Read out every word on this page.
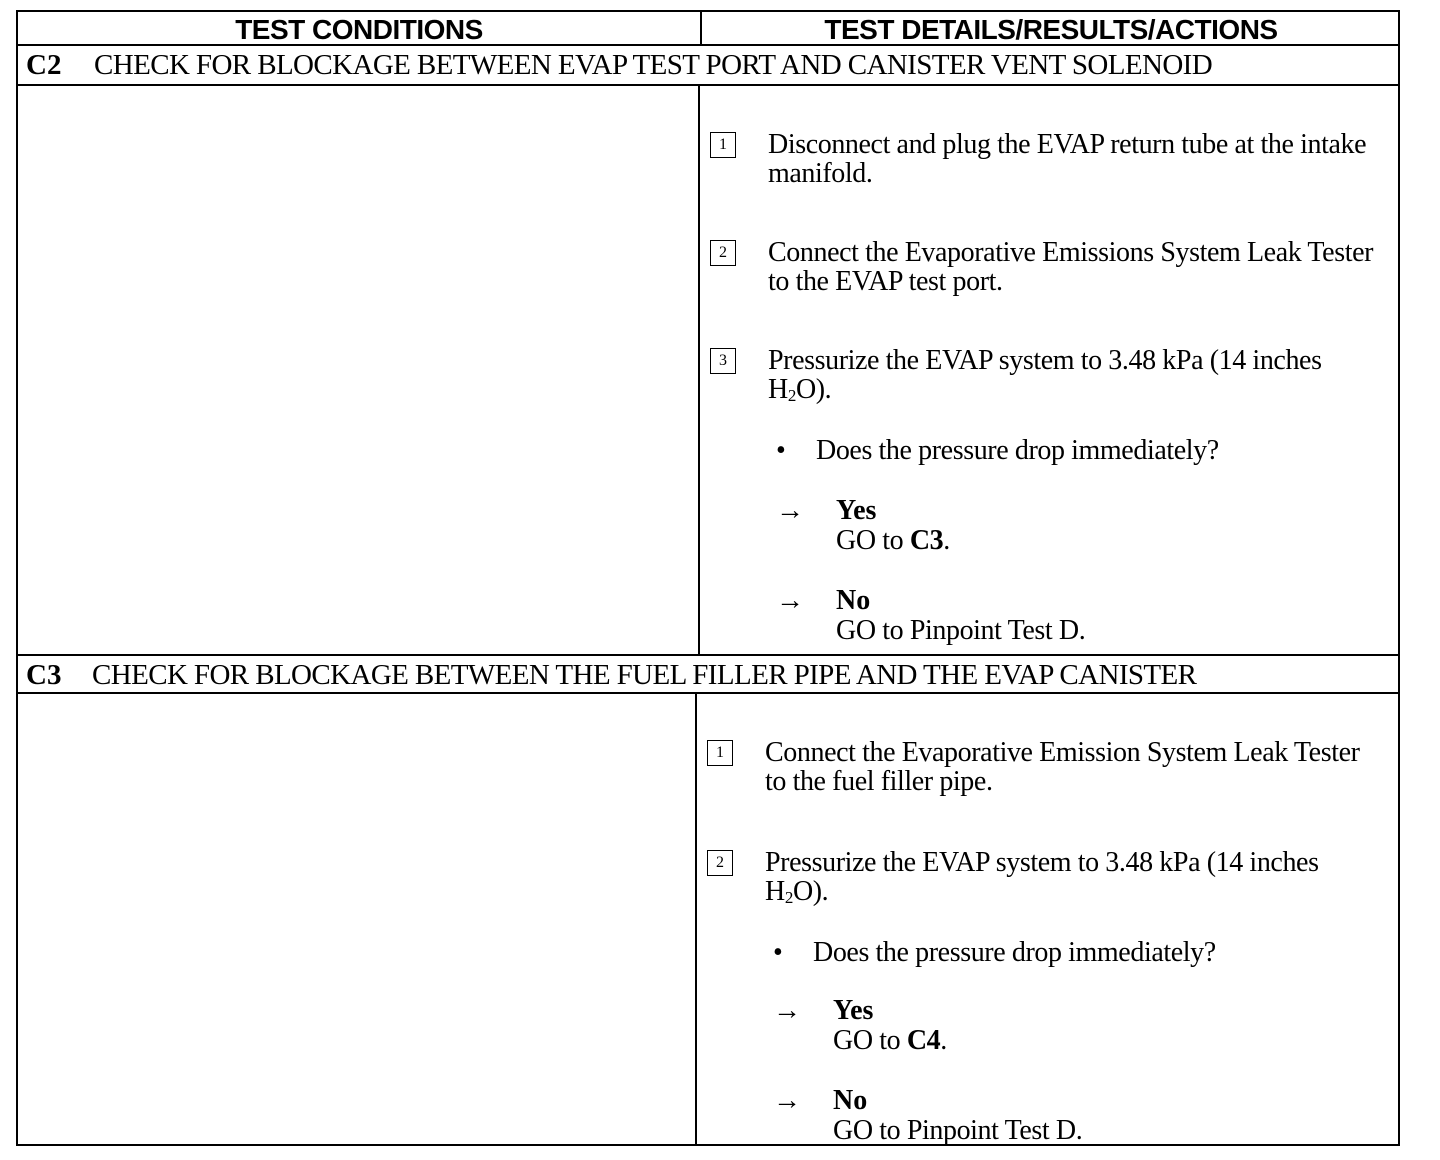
TEST CONDITIONS	TEST DETAILS/RESULTS/ACTIONS
C2 CHECK FOR BLOCKAGE BETWEEN EVAP TEST PORT AND CANISTER VENT SOLENOID
1	Disconnect and plug the EVAP return tube at the intake manifold.
2	Connect the Evaporative Emissions System Leak Tester to the EVAP test port.
3	Pressurize the EVAP system to 3.48 kPa (14 inches H2O).
• Does the pressure drop immediately?
→ Yes
GO to C3.
→ No
GO to Pinpoint Test D.
C3 CHECK FOR BLOCKAGE BETWEEN THE FUEL FILLER PIPE AND THE EVAP CANISTER
1	Connect the Evaporative Emission System Leak Tester to the fuel filler pipe.
2	Pressurize the EVAP system to 3.48 kPa (14 inches H2O).
• Does the pressure drop immediately?
→ Yes
GO to C4.
→ No
GO to Pinpoint Test D.
